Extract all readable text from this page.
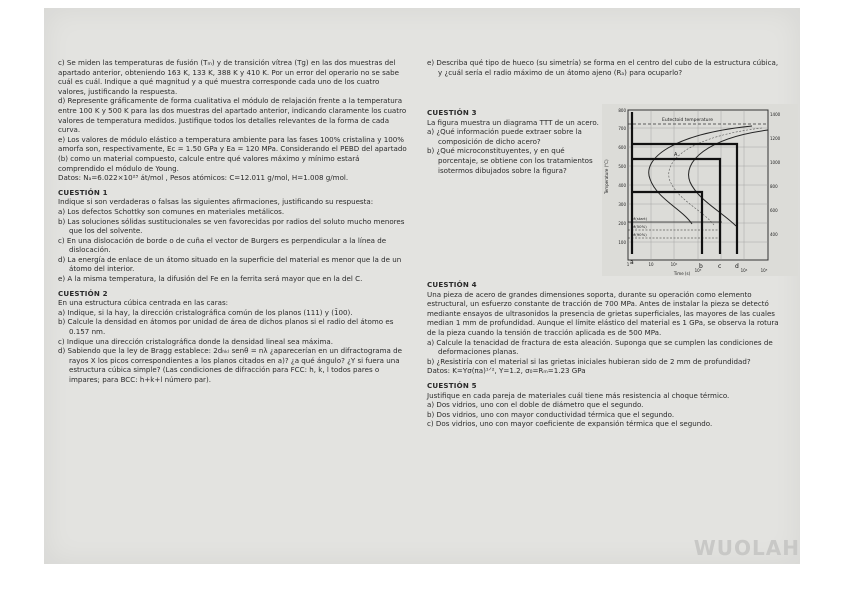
c) Se miden las temperaturas de fusión (Tₘ) y de transición vítrea (Tg) en las dos muestras del apartado anterior, obteniendo 163 K, 133 K, 388 K y 410 K. Por un error del operario no se sabe cuál es cuál. Indique a qué magnitud y a qué muestra corresponde cada uno de los cuatro valores, justificando la respuesta.

d) Represente gráficamente de forma cualitativa el módulo de relajación frente a la temperatura entre 100 K y 500 K para las dos muestras del apartado anterior, indicando claramente los cuatro valores de temperatura medidos. Justifique todos los detalles relevantes de la forma de cada curva.

e) Los valores de módulo elástico a temperatura ambiente para las fases 100% cristalina y 100% amorfa son, respectivamente, Ec = 1.50 GPa y Ea = 120 MPa. Considerando el PEBD del apartado (b) como un material compuesto, calcule entre qué valores máximo y mínimo estará comprendido el módulo de Young.

Datos: Nₐ=6.022×10²³ át/mol , Pesos atómicos: C=12.011 g/mol, H=1.008 g/mol.

CUESTIÓN 1

Indique si son verdaderas o falsas las siguientes afirmaciones, justificando su respuesta:

a) Los defectos Schottky son comunes en materiales metálicos.

b) Las soluciones sólidas sustitucionales se ven favorecidas por radios del soluto mucho menores que los del solvente.

c) En una dislocación de borde o de cuña el vector de Burgers es perpendicular a la línea de dislocación.

d) La energía de enlace de un átomo situado en la superficie del material es menor que la de un átomo del interior.

e) A la misma temperatura, la difusión del Fe en la ferrita será mayor que en la del C.

CUESTIÓN 2

En una estructura cúbica centrada en las caras:

a) Indique, si la hay, la dirección cristalográfica común de los planos (111) y (1̄00).

b) Calcule la densidad en átomos por unidad de área de dichos planos si el radio del átomo es 0.157 nm.

c) Indique una dirección cristalográfica donde la densidad lineal sea máxima.

d) Sabiendo que la ley de Bragg establece: 2dₕₖₗ senθ = nλ ¿aparecerían en un difractograma de rayos X los picos correspondientes a los planos citados en a)? ¿a qué ángulo? ¿Y si fuera una estructura cúbica simple? (Las condiciones de difracción para FCC: h, k, l todos pares o impares; para BCC: h+k+l número par).

e) Describa qué tipo de hueco (su simetría) se forma en el centro del cubo de la estructura cúbica, y ¿cuál sería el radio máximo de un átomo ajeno (Rₐ) para ocuparlo?

CUESTIÓN 3

La figura muestra un diagrama TTT de un acero.

a) ¿Qué información puede extraer sobre la composición de dicho acero?

b) ¿Qué microconstituyentes, y en qué porcentaje, se obtiene con los tratamientos isotermos dibujados sobre la figura?

Eutectoid temperature
M(start)
M(50%)
M(90%)
A
a
b	c d
800
700
600
500
400
300
200
100
1400
1200
1000
800
600
400
1	10	10²
10³	10⁴	10⁵
Time (s)
Temperature (°C)

CUESTIÓN 4

Una pieza de acero de grandes dimensiones soporta, durante su operación como elemento estructural, un esfuerzo constante de tracción de 700 MPa. Antes de instalar la pieza se detectó mediante ensayos de ultrasonidos la presencia de grietas superficiales, las mayores de las cuales median 1 mm de profundidad. Aunque el límite elástico del material es 1 GPa, se observa la rotura de la pieza cuando la tensión de tracción aplicada es de 500 MPa.

a) Calcule la tenacidad de fractura de esta aleación. Suponga que se cumplen las condiciones de deformaciones planas.

b) ¿Resistiría con el material si las grietas iniciales hubieran sido de 2 mm de profundidad?

Datos: K=Yσ(πa)¹ᐟ², Y=1.2, σ₀=Rₘ=1.23 GPa

CUESTIÓN 5

Justifique en cada pareja de materiales cuál tiene más resistencia al choque térmico.

a) Dos vidrios, uno con el doble de diámetro que el segundo.

b) Dos vidrios, uno con mayor conductividad térmica que el segundo.

c) Dos vidrios, uno con mayor coeficiente de expansión térmica que el segundo.

WUOLAH
